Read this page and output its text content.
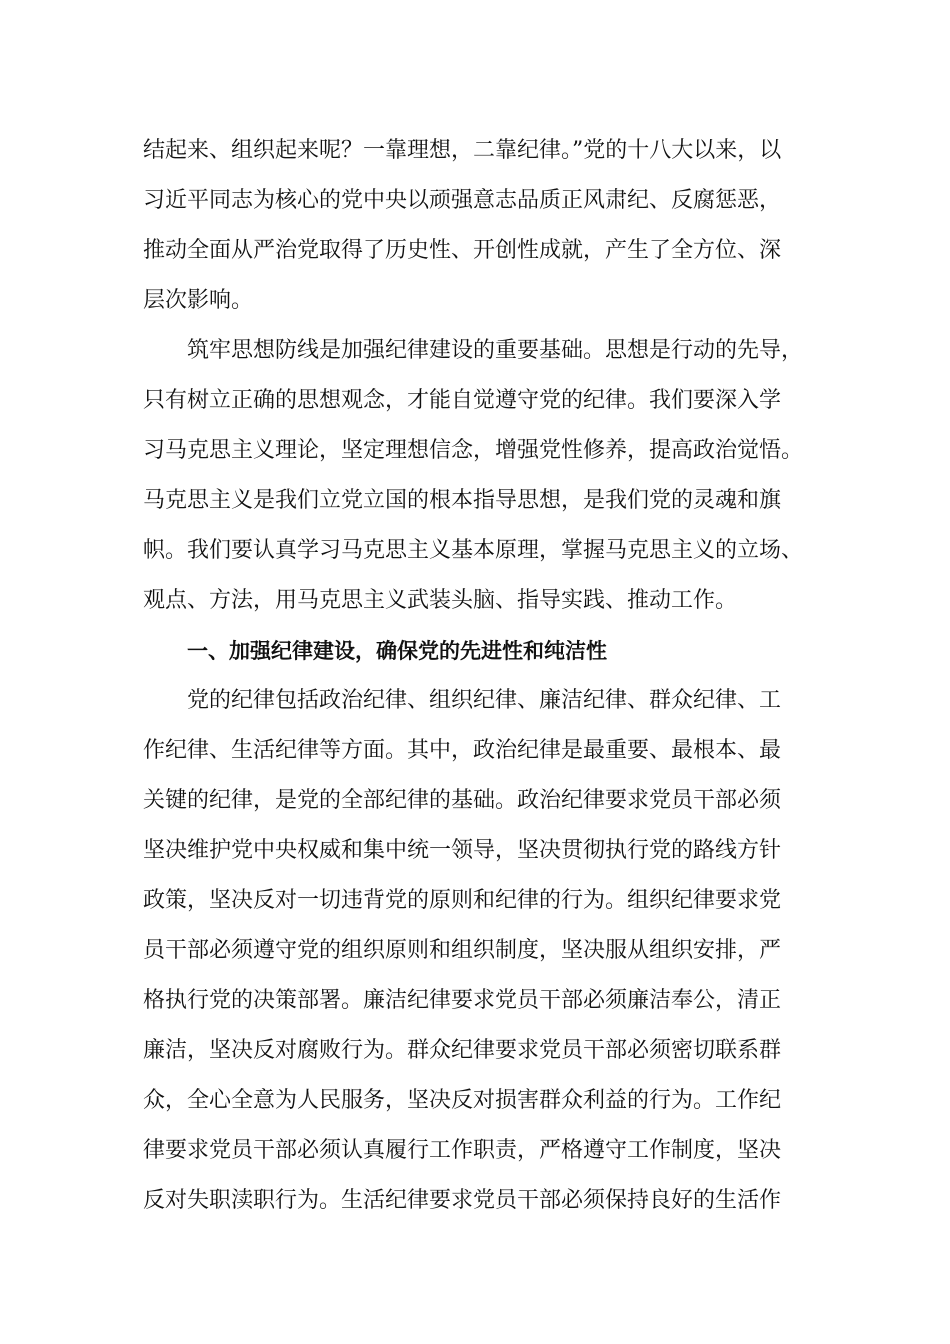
结起来、组织起来呢？一靠理想，二靠纪律。”党的十八大以来，以
习近平同志为核心的党中央以顽强意志品质正风肃纪、反腐惩恶，
推动全面从严治党取得了历史性、开创性成就，产生了全方位、深
层次影响。
筑牢思想防线是加强纪律建设的重要基础。思想是行动的先导，
只有树立正确的思想观念，才能自觉遵守党的纪律。我们要深入学
习马克思主义理论，坚定理想信念，增强党性修养，提高政治觉悟。
马克思主义是我们立党立国的根本指导思想，是我们党的灵魂和旗
帜。我们要认真学习马克思主义基本原理，掌握马克思主义的立场、
观点、方法，用马克思主义武装头脑、指导实践、推动工作。
一、加强纪律建设，确保党的先进性和纯洁性
党的纪律包括政治纪律、组织纪律、廉洁纪律、群众纪律、工
作纪律、生活纪律等方面。其中，政治纪律是最重要、最根本、最
关键的纪律，是党的全部纪律的基础。政治纪律要求党员干部必须
坚决维护党中央权威和集中统一领导，坚决贯彻执行党的路线方针
政策，坚决反对一切违背党的原则和纪律的行为。组织纪律要求党
员干部必须遵守党的组织原则和组织制度，坚决服从组织安排，严
格执行党的决策部署。廉洁纪律要求党员干部必须廉洁奉公，清正
廉洁，坚决反对腐败行为。群众纪律要求党员干部必须密切联系群
众，全心全意为人民服务，坚决反对损害群众利益的行为。工作纪
律要求党员干部必须认真履行工作职责，严格遵守工作制度，坚决
反对失职渎职行为。生活纪律要求党员干部必须保持良好的生活作
